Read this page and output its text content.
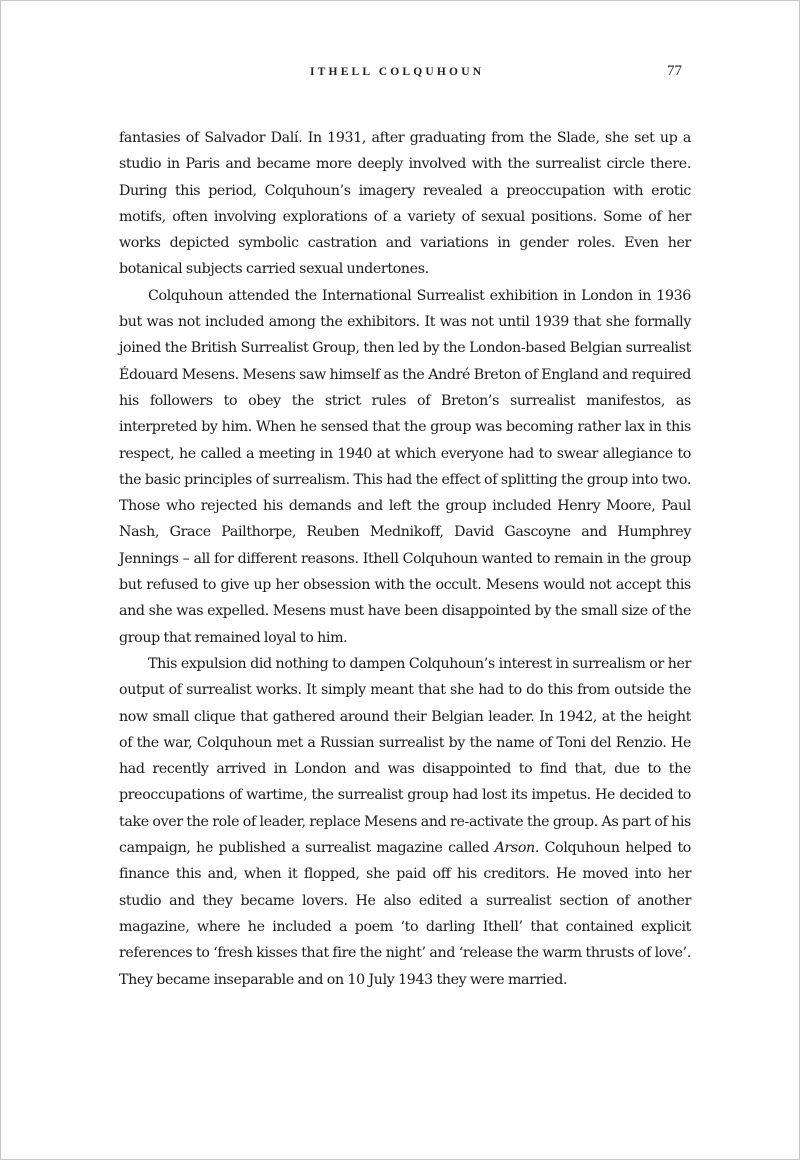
ITHELL COLQUHOUN	77

fantasies of Salvador Dalí. In 1931, after graduating from the Slade, she set up a studio in Paris and became more deeply involved with the surrealist circle there. During this period, Colquhoun’s imagery revealed a preoccupation with erotic motifs, often involving explorations of a variety of sexual positions. Some of her works depicted symbolic castration and variations in gender roles. Even her botanical subjects carried sexual undertones.

Colquhoun attended the International Surrealist exhibition in London in 1936 but was not included among the exhibitors. It was not until 1939 that she formally joined the British Surrealist Group, then led by the London-based Belgian surrealist Édouard Mesens. Mesens saw himself as the André Breton of England and required his followers to obey the strict rules of Breton’s surrealist manifestos, as interpreted by him. When he sensed that the group was becoming rather lax in this respect, he called a meeting in 1940 at which everyone had to swear allegiance to the basic principles of surrealism. This had the effect of splitting the group into two. Those who rejected his demands and left the group included Henry Moore, Paul Nash, Grace Pailthorpe, Reuben Mednikoff, David Gascoyne and Humphrey Jennings – all for different reasons. Ithell Colquhoun wanted to remain in the group but refused to give up her obsession with the occult. Mesens would not accept this and she was expelled. Mesens must have been disappointed by the small size of the group that remained loyal to him.

This expulsion did nothing to dampen Colquhoun’s interest in surrealism or her output of surrealist works. It simply meant that she had to do this from outside the now small clique that gathered around their Belgian leader. In 1942, at the height of the war, Colquhoun met a Russian surrealist by the name of Toni del Renzio. He had recently arrived in London and was disappointed to find that, due to the preoccupations of wartime, the surrealist group had lost its impetus. He decided to take over the role of leader, replace Mesens and re-activate the group. As part of his campaign, he published a surrealist magazine called Arson. Colquhoun helped to finance this and, when it flopped, she paid off his creditors. He moved into her studio and they became lovers. He also edited a surrealist section of another magazine, where he included a poem ‘to darling Ithell’ that contained explicit references to ‘fresh kisses that fire the night’ and ‘release the warm thrusts of love’. They became inseparable and on 10 July 1943 they were married.
